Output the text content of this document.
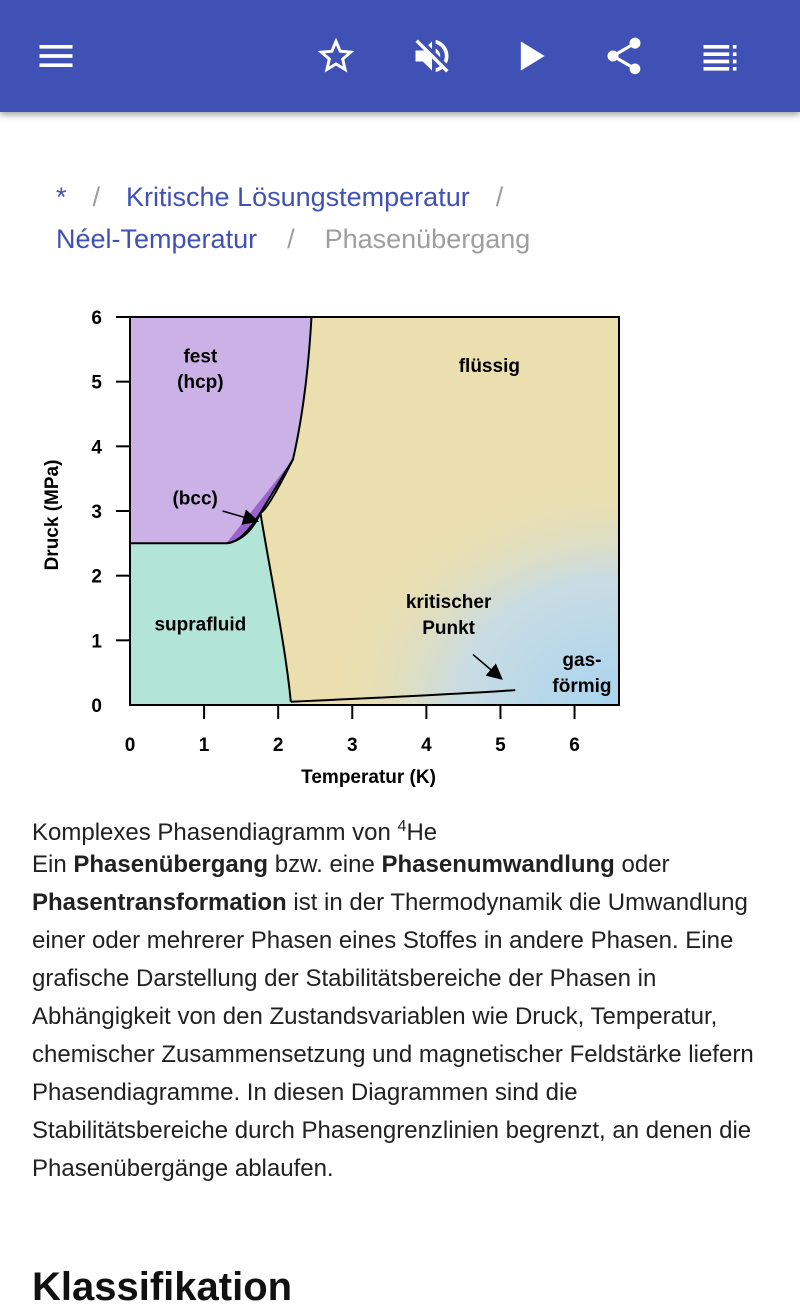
* / Kritische Lösungstemperatur /
Néel-Temperatur / Phasenübergang
0	1	2	3	4	5	6
0
1
2
3
4
5
6
Temperatur (K)
Druck (MPa)
fest
(hcp)
(bcc)
flüssig
suprafluid
gas-
förmig
kritischer
Punkt
Komplexes Phasendiagramm von $^4$He
Ein Phasenübergang bzw. eine Phasenumwandlung oder Phasentransformation ist in der Thermodynamik die Umwandlung einer oder mehrerer Phasen eines Stoffes in andere Phasen. Eine grafische Darstellung der Stabilitätsbereiche der Phasen in Abhängigkeit von den Zustandsvariablen wie Druck, Temperatur, chemischer Zusammensetzung und magnetischer Feldstärke liefern Phasendiagramme. In diesen Diagrammen sind die Stabilitätsbereiche durch Phasengrenzlinien begrenzt, an denen die Phasenübergänge ablaufen.
Klassifikation
